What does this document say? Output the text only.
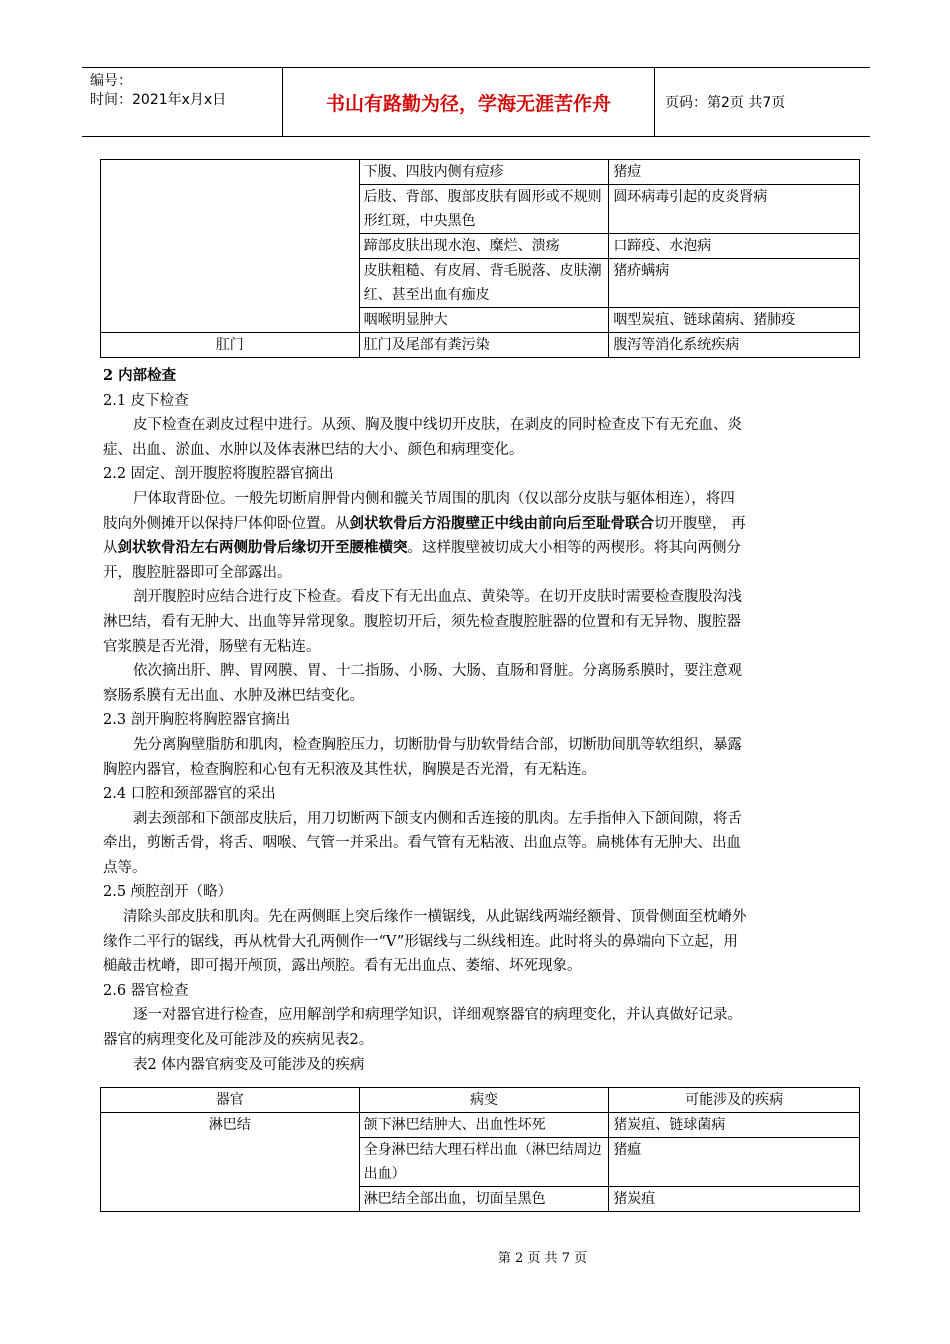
编号：
时间：2021年x月x日	书山有路勤为径，学海无涯苦作舟	页码：第2页 共7页
	下腹、四肢内侧有痘疹	猪痘
	后肢、背部、腹部皮肤有圆形或不规则形红斑，中央黑色	圆环病毒引起的皮炎肾病
	蹄部皮肤出现水泡、糜烂、溃疡	口蹄疫、水泡病
	皮肤粗糙、有皮屑、背毛脱落、皮肤潮红、甚至出血有痂皮	猪疥螨病
	咽喉明显肿大	咽型炭疽、链球菌病、猪肺疫
肛门	肛门及尾部有粪污染	腹泻等消化系统疾病
2 内部检查
2.1 皮下检查
皮下检查在剥皮过程中进行。从颈、胸及腹中线切开皮肤，在剥皮的同时检查皮下有无充血、炎
症、出血、淤血、水肿以及体表淋巴结的大小、颜色和病理变化。
2.2 固定、剖开腹腔将腹腔器官摘出
尸体取背卧位。一般先切断肩胛骨内侧和髋关节周围的肌肉（仅以部分皮肤与躯体相连），将四
肢向外侧摊开以保持尸体仰卧位置。从剑状软骨后方沿腹壁正中线由前向后至耻骨联合切开腹壁， 再
从剑状软骨沿左右两侧肋骨后缘切开至腰椎横突。这样腹壁被切成大小相等的两楔形。将其向两侧分
开，腹腔脏器即可全部露出。
剖开腹腔时应结合进行皮下检查。看皮下有无出血点、黄染等。在切开皮肤时需要检查腹股沟浅
淋巴结，看有无肿大、出血等异常现象。腹腔切开后，须先检查腹腔脏器的位置和有无异物、腹腔器
官浆膜是否光滑，肠壁有无粘连。
依次摘出肝、脾、胃网膜、胃、十二指肠、小肠、大肠、直肠和肾脏。分离肠系膜时，要注意观
察肠系膜有无出血、水肿及淋巴结变化。
2.3 剖开胸腔将胸腔器官摘出
先分离胸壁脂肪和肌肉，检查胸腔压力，切断肋骨与肋软骨结合部，切断肋间肌等软组织，暴露
胸腔内器官，检查胸腔和心包有无积液及其性状，胸膜是否光滑，有无粘连。
2.4 口腔和颈部器官的采出
剥去颈部和下颌部皮肤后，用刀切断两下颌支内侧和舌连接的肌肉。左手指伸入下颌间隙，将舌
牵出，剪断舌骨，将舌、咽喉、气管一并采出。看气管有无粘液、出血点等。扁桃体有无肿大、出血
点等。
2.5 颅腔剖开（略）
清除头部皮肤和肌肉。先在两侧眶上突后缘作一横锯线，从此锯线两端经额骨、顶骨侧面至枕嵴外
缘作二平行的锯线，再从枕骨大孔两侧作一“V”形锯线与二纵线相连。此时将头的鼻端向下立起，用
槌敲击枕嵴，即可揭开颅顶，露出颅腔。看有无出血点、萎缩、坏死现象。
2.6 器官检查
逐一对器官进行检查，应用解剖学和病理学知识，详细观察器官的病理变化，并认真做好记录。
器官的病理变化及可能涉及的疾病见表2。
表2 体内器官病变及可能涉及的疾病
器官	病变	可能涉及的疾病
淋巴结	颌下淋巴结肿大、出血性坏死	猪炭疽、链球菌病
	全身淋巴结大理石样出血（淋巴结周边出血）	猪瘟
	淋巴结全部出血，切面呈黑色	猪炭疽
第 2 页 共 7 页
